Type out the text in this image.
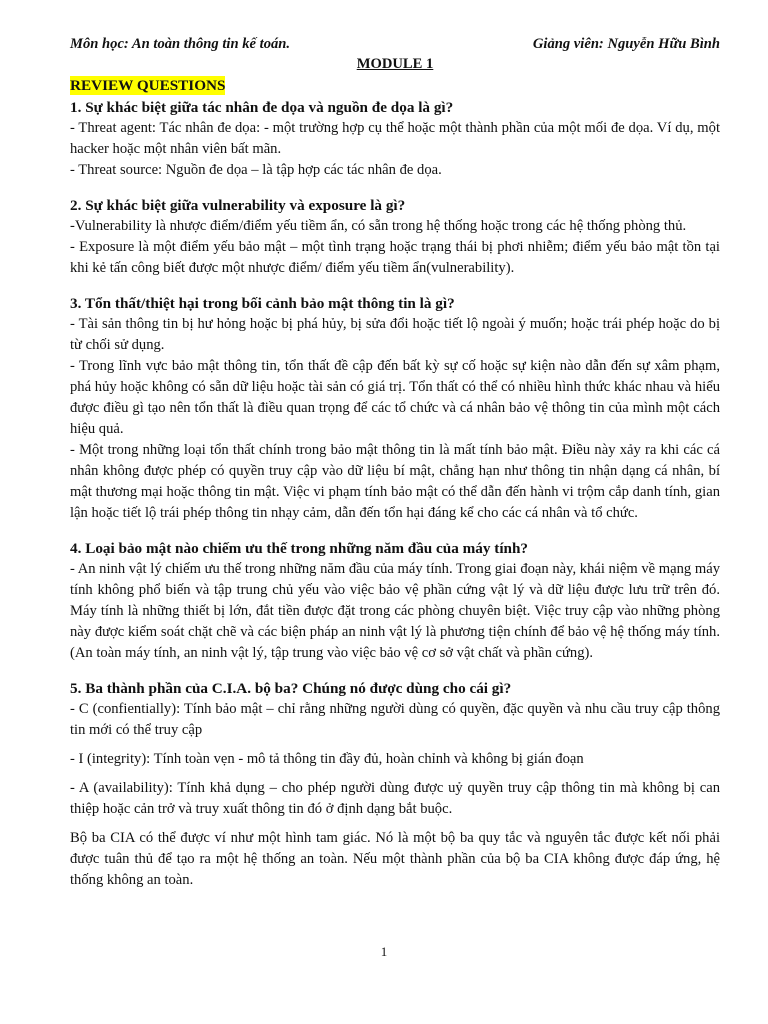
Môn học: An toàn thông tin kế toán.	Giảng viên: Nguyễn Hữu Bình
MODULE 1
REVIEW QUESTIONS
1. Sự khác biệt giữa tác nhân đe dọa và nguồn đe dọa là gì?

- Threat agent: Tác nhân đe dọa: - một trường hợp cụ thể hoặc một thành phần của một mối đe dọa. Ví dụ, một hacker hoặc một nhân viên bất mãn.

- Threat source: Nguồn đe dọa – là tập hợp các tác nhân đe dọa.

2. Sự khác biệt giữa vulnerability và exposure là gì?

-Vulnerability là nhược điểm/điểm yếu tiềm ẩn, có sẵn trong hệ thống hoặc trong các hệ thống phòng thủ.

- Exposure là một điểm yếu bảo mật – một tình trạng hoặc trạng thái bị phơi nhiễm; điểm yếu bảo mật tồn tại khi kẻ tấn công biết được một nhược điểm/ điểm yếu tiềm ẩn(vulnerability).

3. Tổn thất/thiệt hại trong bối cảnh bảo mật thông tin là gì?

- Tài sản thông tin bị hư hỏng hoặc bị phá hủy, bị sửa đổi hoặc tiết lộ ngoài ý muốn; hoặc trái phép hoặc do bị từ chối sử dụng.

- Trong lĩnh vực bảo mật thông tin, tổn thất đề cập đến bất kỳ sự cố hoặc sự kiện nào dẫn đến sự xâm phạm, phá hủy hoặc không có sẵn dữ liệu hoặc tài sản có giá trị. Tổn thất có thể có nhiều hình thức khác nhau và hiểu được điều gì tạo nên tổn thất là điều quan trọng để các tổ chức và cá nhân bảo vệ thông tin của mình một cách hiệu quả.

- Một trong những loại tổn thất chính trong bảo mật thông tin là mất tính bảo mật. Điều này xảy ra khi các cá nhân không được phép có quyền truy cập vào dữ liệu bí mật, chẳng hạn như thông tin nhận dạng cá nhân, bí mật thương mại hoặc thông tin mật. Việc vi phạm tính bảo mật có thể dẫn đến hành vi trộm cắp danh tính, gian lận hoặc tiết lộ trái phép thông tin nhạy cảm, dẫn đến tổn hại đáng kể cho các cá nhân và tổ chức.

4. Loại bảo mật nào chiếm ưu thế trong những năm đầu của máy tính?

- An ninh vật lý chiếm ưu thế trong những năm đầu của máy tính. Trong giai đoạn này, khái niệm về mạng máy tính không phổ biến và tập trung chủ yếu vào việc bảo vệ phần cứng vật lý và dữ liệu được lưu trữ trên đó. Máy tính là những thiết bị lớn, đắt tiền được đặt trong các phòng chuyên biệt. Việc truy cập vào những phòng này được kiểm soát chặt chẽ và các biện pháp an ninh vật lý là phương tiện chính để bảo vệ hệ thống máy tính. (An toàn máy tính, an ninh vật lý, tập trung vào việc bảo vệ cơ sở vật chất và phần cứng).

5. Ba thành phần của C.I.A. bộ ba? Chúng nó được dùng cho cái gì?

- C (confientially): Tính bảo mật – chỉ rằng những người dùng có quyền, đặc quyền và nhu cầu truy cập thông tin mới có thể truy cập

- I (integrity): Tính toàn vẹn - mô tả thông tin đầy đủ, hoàn chỉnh và không bị gián đoạn

- A (availability): Tính khả dụng – cho phép người dùng được uỷ quyền truy cập thông tin mà không bị can thiệp hoặc cản trở và truy xuất thông tin đó ở định dạng bắt buộc.

Bộ ba CIA có thể được ví như một hình tam giác. Nó là một bộ ba quy tắc và nguyên tắc được kết nối phải được tuân thủ để tạo ra một hệ thống an toàn. Nếu một thành phần của bộ ba CIA không được đáp ứng, hệ thống không an toàn.

1
